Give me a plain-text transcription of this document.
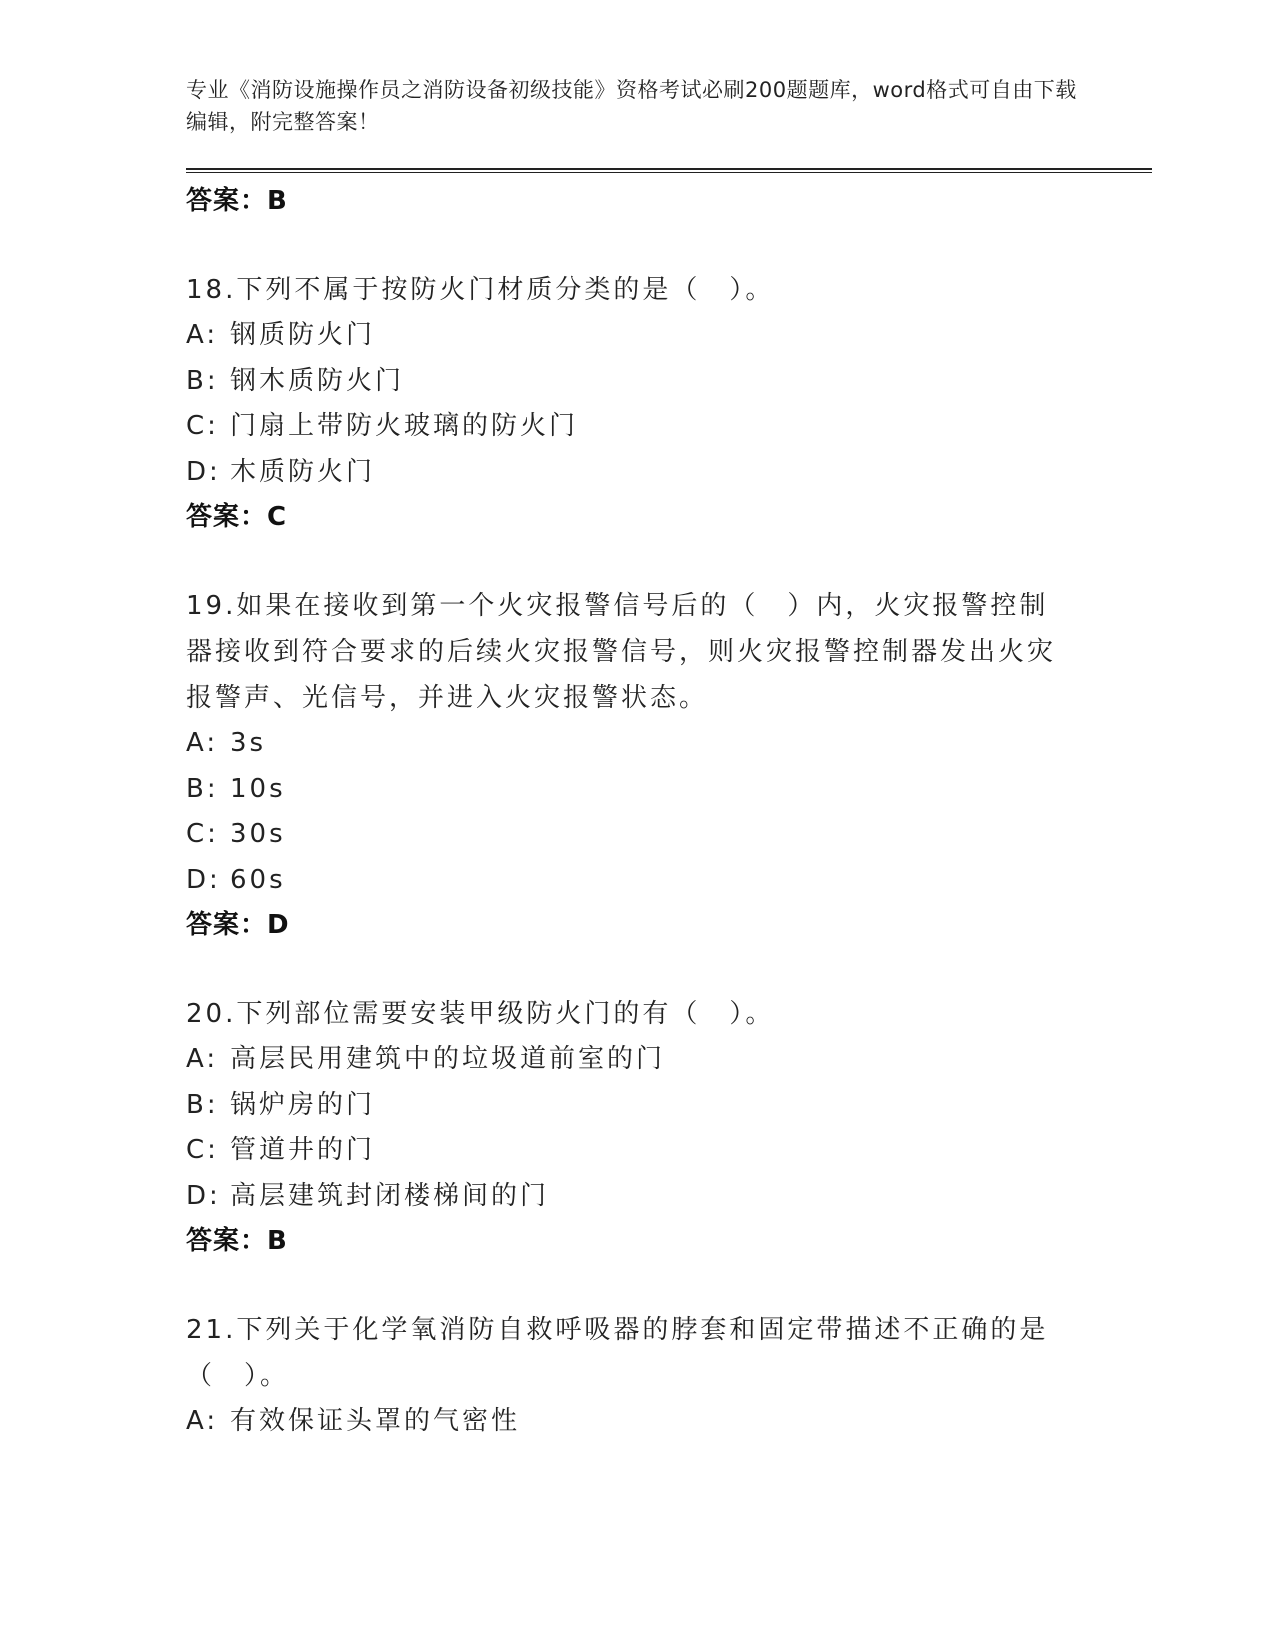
专业《消防设施操作员之消防设备初级技能》资格考试必刷200题题库，word格式可自由下载编辑，附完整答案！
答案：B
18.下列不属于按防火门材质分类的是（　）。
A: 钢质防火门
B: 钢木质防火门
C: 门扇上带防火玻璃的防火门
D: 木质防火门
答案：C
19.如果在接收到第一个火灾报警信号后的（　）内，火灾报警控制器接收到符合要求的后续火灾报警信号，则火灾报警控制器发出火灾报警声、光信号，并进入火灾报警状态。
A: 3s
B: 10s
C: 30s
D: 60s
答案：D
20.下列部位需要安装甲级防火门的有（　）。
A: 高层民用建筑中的垃圾道前室的门
B: 锅炉房的门
C: 管道井的门
D: 高层建筑封闭楼梯间的门
答案：B
21.下列关于化学氧消防自救呼吸器的脖套和固定带描述不正确的是（　）。
A: 有效保证头罩的气密性
